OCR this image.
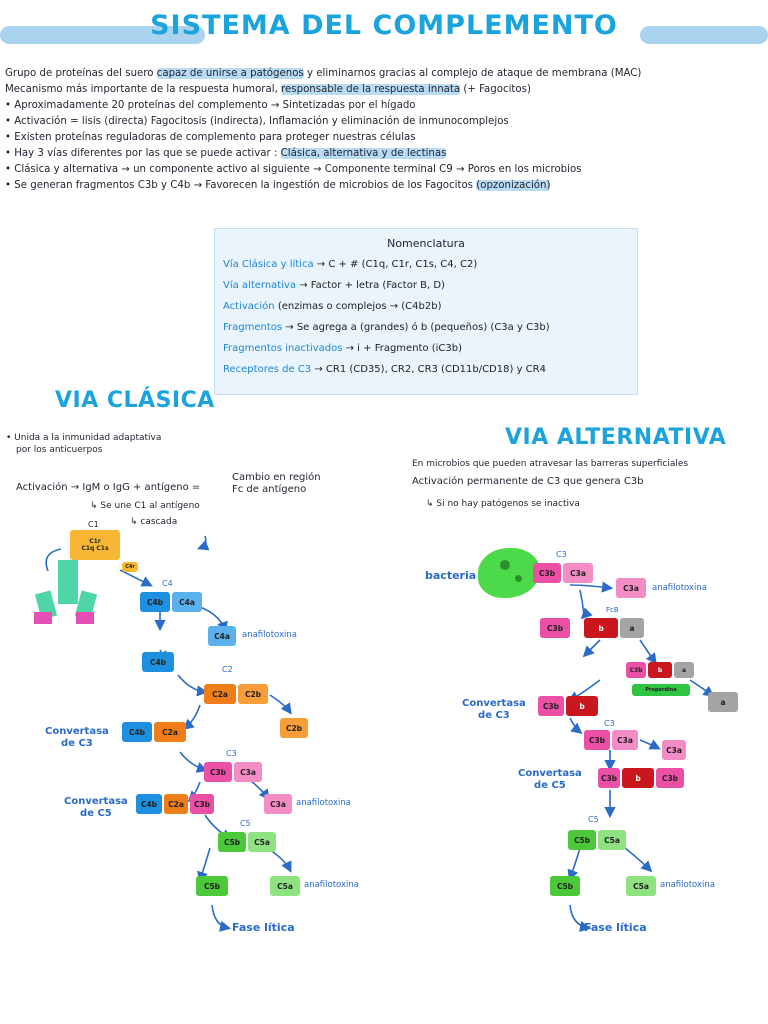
SISTEMA DEL COMPLEMENTO
Grupo de proteínas del suero capaz de unirse a patógenos y eliminarnos gracias al complejo de ataque de membrana (MAC)
Mecanismo más importante de la respuesta humoral, responsable de la respuesta innata (+ Fagocitos)
• Aproximadamente 20 proteínas del complemento → Sintetizadas por el hígado
• Activación = lisis (directa) Fagocitosis (indirecta), Inflamación y eliminación de inmunocomplejos
• Existen proteínas reguladoras de complemento para proteger nuestras células
• Hay 3 vías diferentes por las que se puede activar : Clásica, alternativa y de lectinas
• Clásica y alternativa → un componente activo al siguiente → Componente terminal C9 → Poros en los microbios
• Se generan fragmentos C3b y C4b → Favorecen la ingestión de microbios de los Fagocitos (opzonización)
Nomenclatura
Vía Clásica y lítica → C + # (C1q, C1r, C1s, C4, C2)
Vía alternativa → Factor + letra (Factor B, D)
Activación (enzimas o complejos → (C4b2b)
Fragmentos → Se agrega a (grandes) ó b (pequeños) (C3a y C3b)
Fragmentos inactivados → i + Fragmento (iC3b)
Receptores de C3 → CR1 (CD35), CR2, CR3 (CD11b/CD18) y CR4
VIA CLÁSICA
• Unida a la inmunidad adaptativa
por los anticuerpos
Activación → IgM o IgG + antígeno =
Cambio en región
Fc de antígeno
↳ Se une C1 al antígeno
↳ cascada
C1
C1r
C1q C1s
C4r
C4
C4b	C4a
C4a	anafilotoxina
C4b
C2
C2a	C2b
C2b
Convertasa
de C3
C4b	C2a
C3
C3b	C3a
C3a	anafilotoxina
Convertasa
de C5
C4b	C2a	C3b
C5
C5b	C5a
C5b	C5a	anafilotoxina
Fase lítica
VIA ALTERNATIVA
En microbios que pueden atravesar las barreras superficiales
Activación permanente de C3 que genera C3b
↳ Si no hay patógenos se inactiva
bacteria
C3
C3b	C3a
C3a	anafilotoxina
FcB
C3b	b	a
C3b	b	a
Properdina
a
Convertasa
de C3
C3b	b
C3
C3b	C3a
C3a
Convertasa
de C5
C3b	b	C3b
C5
C5b	C5a
C5b	C5a	anafilotoxina
Fase lítica
